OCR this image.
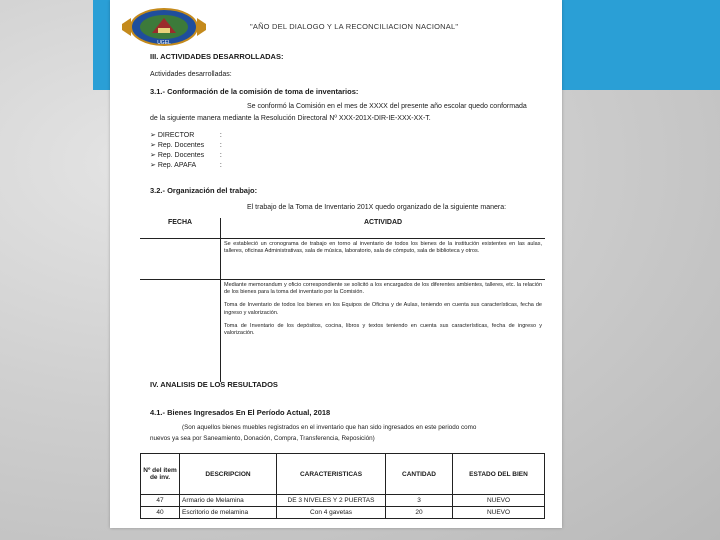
UGEL
"AÑO DEL DIALOGO Y LA RECONCILIACION NACIONAL"
III. ACTIVIDADES DESARROLLADAS:
Actividades desarrolladas:
3.1.- Conformación de la comisión de toma de inventarios:
Se conformó la Comisión en el mes de XXXX del presente año escolar quedo conformada
de la siguiente manera mediante la Resolución Directoral Nº XXX-201X-DIR-IE-XXX-XX-T.
➢ DIRECTOR	:
➢ Rep. Docentes :
➢ Rep. Docentes :
➢ Rep. APAFA	:
3.2.- Organización del trabajo:
El trabajo de la Toma de Inventario 201X quedo organizado de la siguiente manera:
FECHA	ACTIVIDAD

	Se estableció un cronograma de trabajo en torno al inventario de todos los bienes de la institución existentes en las aulas, talleres, oficinas Administrativas, sala de música, laboratorio, sala de cómputo, sala de biblioteca y otros.

	Mediante memorandum y oficio correspondiente se solicitó a los encargados de los diferentes ambientes, talleres, etc. la relación de los bienes para la toma del inventario por la Comisión.

Toma de Inventario de todos los bienes en los Equipos de Oficina y de Aulas, teniendo en cuenta sus características, fecha de ingreso y valorización.

Toma de Inventario de los depósitos, cocina, libros y textos teniendo en cuenta sus características, fecha de ingreso y valorización.

IV. ANALISIS DE LOS RESULTADOS
4.1.- Bienes Ingresados En El Período Actual, 2018
(Son aquellos bienes muebles registrados en el inventario que han sido ingresados en este periodo como
nuevos ya sea por Saneamiento, Donación, Compra, Transferencia, Reposición)
Nº del ítem de inv.	DESCRIPCION	CARACTERISTICAS	CANTIDAD	ESTADO DEL BIEN
47	Armario de Melamina	DE 3 NIVELES Y 2 PUERTAS	3	NUEVO
40	Escritorio de melamina	Con 4 gavetas	20	NUEVO
